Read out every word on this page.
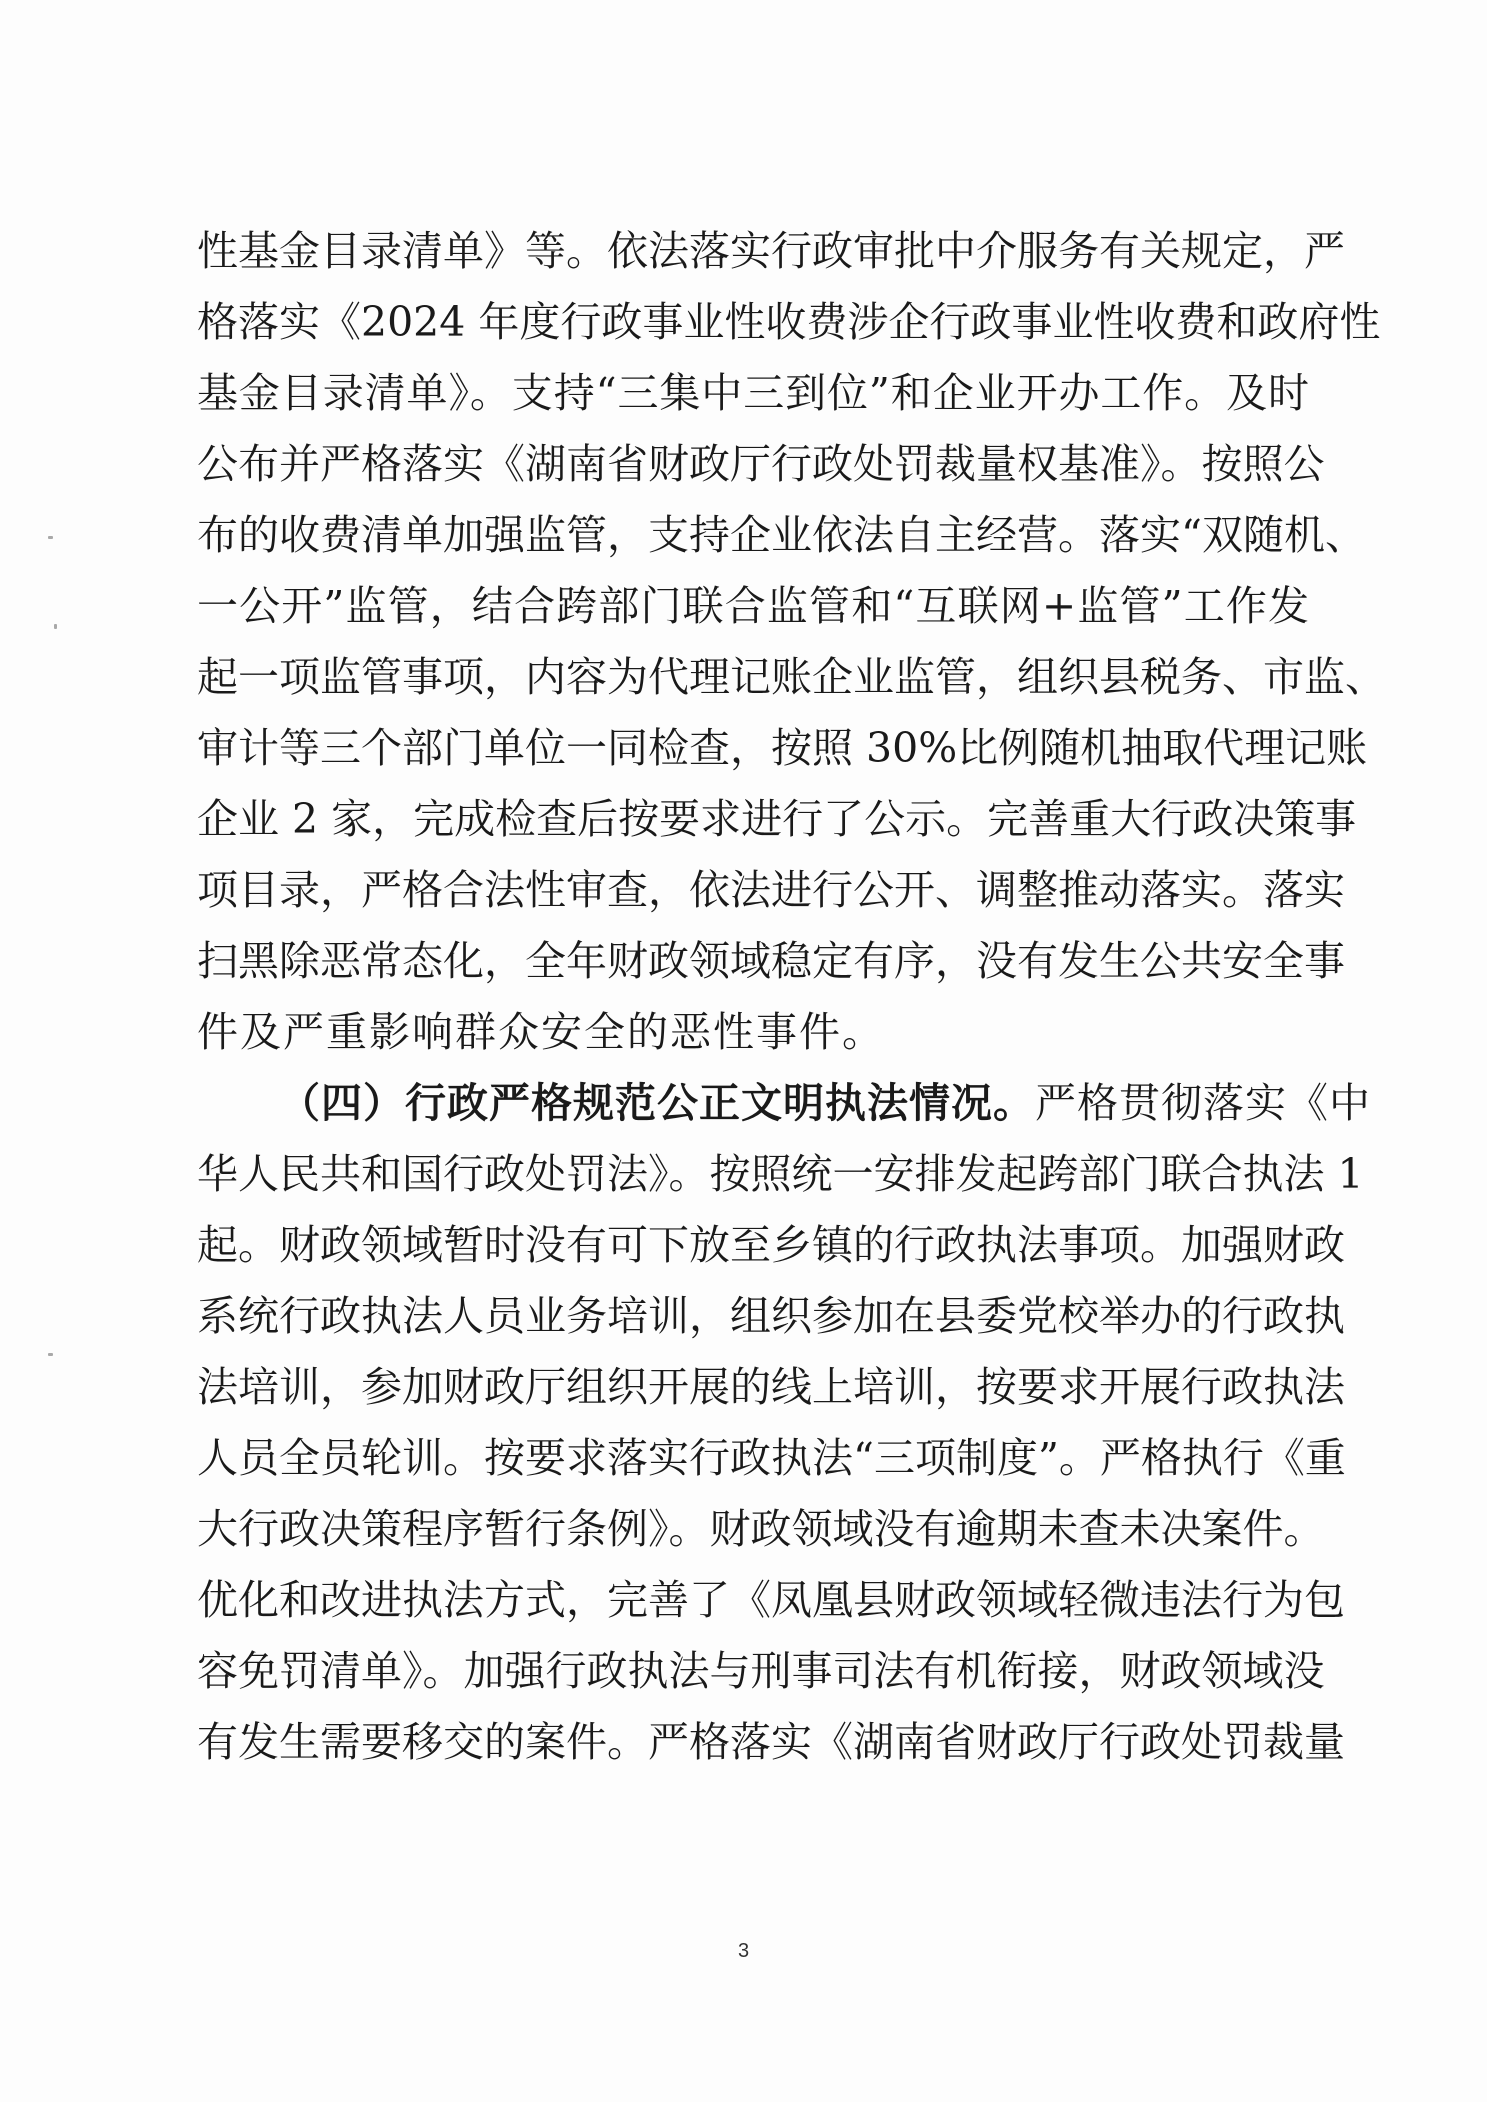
性基金目录清单》等。依法落实行政审批中介服务有关规定，严
格落实《2024 年度行政事业性收费涉企行政事业性收费和政府性
基金目录清单》。支持“三集中三到位”和企业开办工作。及时
公布并严格落实《湖南省财政厅行政处罚裁量权基准》。按照公
布的收费清单加强监管，支持企业依法自主经营。落实“双随机、
一公开”监管，结合跨部门联合监管和“互联网+监管”工作发
起一项监管事项，内容为代理记账企业监管，组织县税务、市监、
审计等三个部门单位一同检查，按照 30%比例随机抽取代理记账
企业 2 家，完成检查后按要求进行了公示。完善重大行政决策事
项目录，严格合法性审查，依法进行公开、调整推动落实。落实
扫黑除恶常态化，全年财政领域稳定有序，没有发生公共安全事
件及严重影响群众安全的恶性事件。
（四）行政严格规范公正文明执法情况。严格贯彻落实《中
华人民共和国行政处罚法》。按照统一安排发起跨部门联合执法 1
起。财政领域暂时没有可下放至乡镇的行政执法事项。加强财政
系统行政执法人员业务培训，组织参加在县委党校举办的行政执
法培训，参加财政厅组织开展的线上培训，按要求开展行政执法
人员全员轮训。按要求落实行政执法“三项制度”。严格执行《重
大行政决策程序暂行条例》。财政领域没有逾期未查未决案件。
优化和改进执法方式，完善了《凤凰县财政领域轻微违法行为包
容免罚清单》。加强行政执法与刑事司法有机衔接，财政领域没
有发生需要移交的案件。严格落实《湖南省财政厅行政处罚裁量
3
